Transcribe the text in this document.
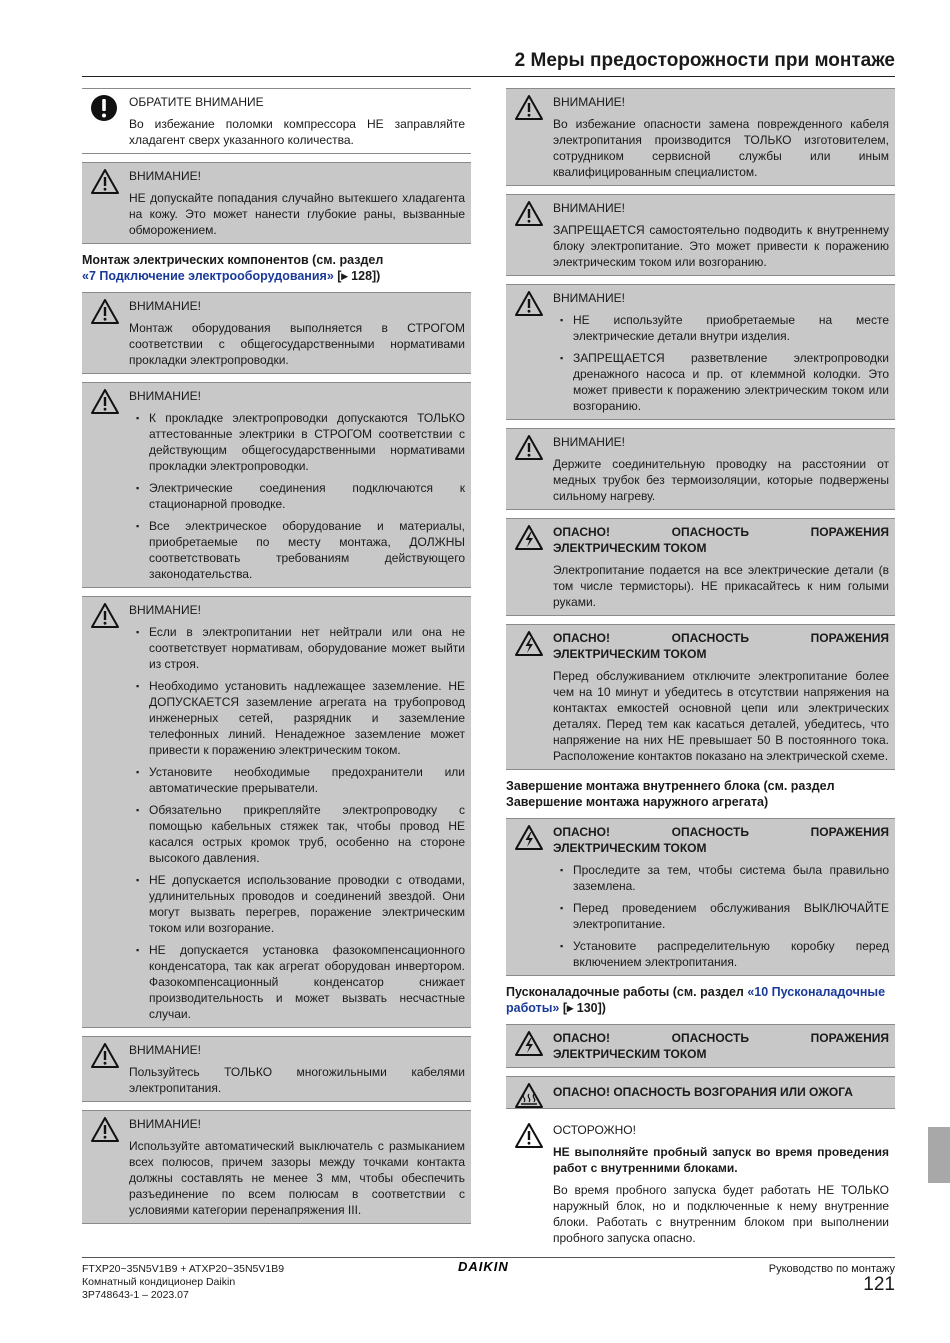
2 Меры предосторожности при монтаже
ОБРАТИТЕ ВНИМАНИЕ

Во избежание поломки компрессора НЕ заправляйте хладагент сверх указанного количества.

ВНИМАНИЕ!

НЕ допускайте попадания случайно вытекшего хладагента на кожу. Это может нанести глубокие раны, вызванные обморожением.

Монтаж электрических компонентов (см. раздел
«7 Подключение электрооборудования» [▸ 128])
ВНИМАНИЕ!

Монтаж оборудования выполняется в СТРОГОМ соответствии с общегосударственными нормативами прокладки электропроводки.

ВНИМАНИЕ!
▪ К прокладке электропроводки допускаются ТОЛЬКО аттестованные электрики в СТРОГОМ соответствии с действующим общегосударственными нормативами прокладки электропроводки.
▪ Электрические соединения подключаются к стационарной проводке.
▪ Все электрическое оборудование и материалы, приобретаемые по месту монтажа, ДОЛЖНЫ соответствовать требованиям действующего законодательства.
ВНИМАНИЕ!
▪ Если в электропитании нет нейтрали или она не соответствует нормативам, оборудование может выйти из строя.
▪ Необходимо установить надлежащее заземление. НЕ ДОПУСКАЕТСЯ заземление агрегата на трубопровод инженерных сетей, разрядник и заземление телефонных линий. Ненадежное заземление может привести к поражению электрическим током.
▪ Установите необходимые предохранители или автоматические прерыватели.
▪ Обязательно прикрепляйте электропроводку с помощью кабельных стяжек так, чтобы провод НЕ касался острых кромок труб, особенно на стороне высокого давления.
▪ НЕ допускается использование проводки с отводами, удлинительных проводов и соединений звездой. Они могут вызвать перегрев, поражение электрическим током или возгорание.
▪ НЕ допускается установка фазокомпенсационного конденсатора, так как агрегат оборудован инвертором. Фазокомпенсационный конденсатор снижает производительность и может вызвать несчастные случаи.
ВНИМАНИЕ!

Пользуйтесь ТОЛЬКО многожильными кабелями электропитания.

ВНИМАНИЕ!

Используйте автоматический выключатель с размыканием всех полюсов, причем зазоры между точками контакта должны составлять не менее 3 мм, чтобы обеспечить разъединение по всем полюсам в соответствии с условиями категории перенапряжения III.

ВНИМАНИЕ!

Во избежание опасности замена поврежденного кабеля электропитания производится ТОЛЬКО изготовителем, сотрудником сервисной службы или иным квалифицированным специалистом.

ВНИМАНИЕ!

ЗАПРЕЩАЕТСЯ самостоятельно подводить к внутреннему блоку электропитание. Это может привести к поражению электрическим током или возгоранию.

ВНИМАНИЕ!
▪ НЕ используйте приобретаемые на месте электрические детали внутри изделия.
▪ ЗАПРЕЩАЕТСЯ разветвление электропроводки дренажного насоса и пр. от клеммной колодки. Это может привести к поражению электрическим током или возгоранию.
ВНИМАНИЕ!

Держите соединительную проводку на расстоянии от медных трубок без термоизоляции, которые подвержены сильному нагреву.

ОПАСНО!	ОПАСНОСТЬ	ПОРАЖЕНИЯ
ЭЛЕКТРИЧЕСКИМ ТОКОМ

Электропитание подается на все электрические детали (в том числе термисторы). НЕ прикасайтесь к ним голыми руками.

ОПАСНО!	ОПАСНОСТЬ	ПОРАЖЕНИЯ
ЭЛЕКТРИЧЕСКИМ ТОКОМ

Перед обслуживанием отключите электропитание более чем на 10 минут и убедитесь в отсутствии напряжения на контактах емкостей основной цепи или электрических деталях. Перед тем как касаться деталей, убедитесь, что напряжение на них НЕ превышает 50 В постоянного тока. Расположение контактов показано на электрической схеме.

Завершение монтажа внутреннего блока (см. раздел
Завершение монтажа наружного агрегата)
ОПАСНО!	ОПАСНОСТЬ	ПОРАЖЕНИЯ
ЭЛЕКТРИЧЕСКИМ ТОКОМ
▪ Проследите за тем, чтобы система была правильно заземлена.
▪ Перед проведением обслуживания ВЫКЛЮЧАЙТЕ электропитание.
▪ Установите распределительную коробку перед включением электропитания.
Пусконаладочные работы (см. раздел «10 Пусконаладочные работы» [▸ 130])
ОПАСНО!	ОПАСНОСТЬ	ПОРАЖЕНИЯ
ЭЛЕКТРИЧЕСКИМ ТОКОМ
ОПАСНО! ОПАСНОСТЬ ВОЗГОРАНИЯ ИЛИ ОЖОГА
ОСТОРОЖНО!

НЕ выполняйте пробный запуск во время проведения работ с внутренними блоками.

Во время пробного запуска будет работать НЕ ТОЛЬКО наружный блок, но и подключенные к нему внутренние блоки. Работать с внутренним блоком при выполнении пробного запуска опасно.

FTXP20~35N5V1B9 + ATXP20~35N5V1B9
Комнатный кондиционер Daikin
3P748643-1 – 2023.07
DAIKIN	Руководство по монтажу
121
